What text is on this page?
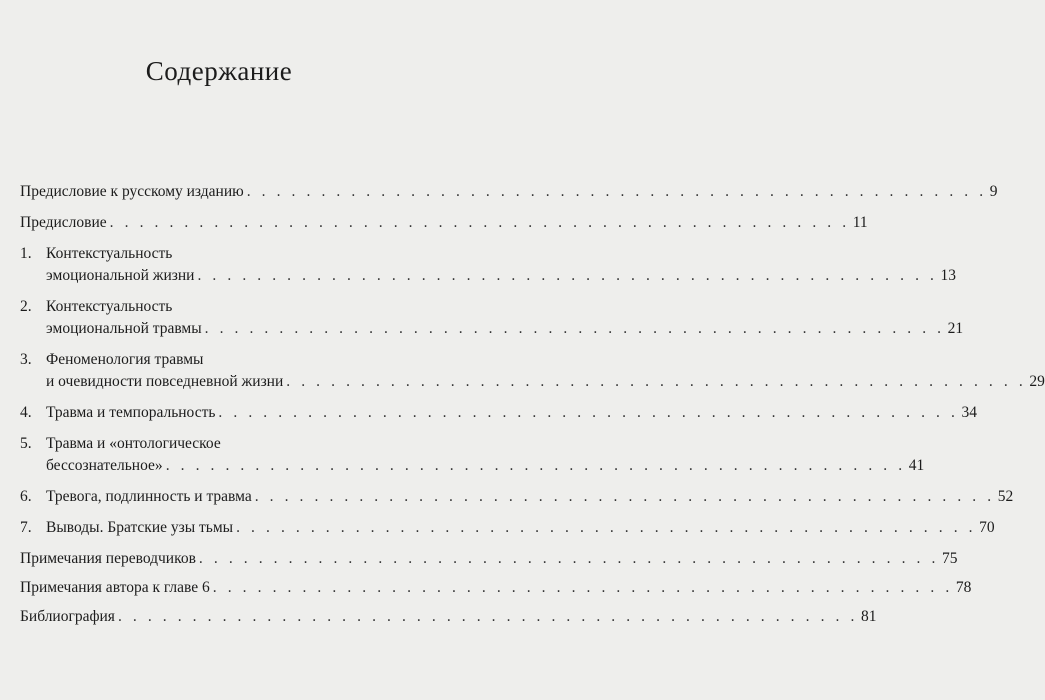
Содержание
Предисловие к русскому изданию . . . . . . . . . . . . . . . . . . . . . . . . . . . . . . . . . . . . . . . . . . . . . . . . . . 9
Предисловие . . . . . . . . . . . . . . . . . . . . . . . . . . . . . . . . . . . . . . . . . . . . . . . . . . 11
1. Контекстуальность
эмоциональной жизни . . . . . . . . . . . . . . . . . . . . . . . . . . . . . . . . . . . . . . . . . . . . . . . . . . 13
2. Контекстуальность
эмоциональной травмы . . . . . . . . . . . . . . . . . . . . . . . . . . . . . . . . . . . . . . . . . . . . . . . . . . 21
3. Феноменология травмы
и очевидности повседневной жизни . . . . . . . . . . . . . . . . . . . . . . . . . . . . . . . . . . . . . . . . . . . . . . . . . . 29
4. Травма и темпоральность . . . . . . . . . . . . . . . . . . . . . . . . . . . . . . . . . . . . . . . . . . . . . . . . . . 34
5. Травма и «онтологическое
бессознательное» . . . . . . . . . . . . . . . . . . . . . . . . . . . . . . . . . . . . . . . . . . . . . . . . . . 41
6. Тревога, подлинность и травма . . . . . . . . . . . . . . . . . . . . . . . . . . . . . . . . . . . . . . . . . . . . . . . . . . 52
7. Выводы. Братские узы тьмы . . . . . . . . . . . . . . . . . . . . . . . . . . . . . . . . . . . . . . . . . . . . . . . . . . 70
Примечания переводчиков . . . . . . . . . . . . . . . . . . . . . . . . . . . . . . . . . . . . . . . . . . . . . . . . . . 75
Примечания автора к главе 6 . . . . . . . . . . . . . . . . . . . . . . . . . . . . . . . . . . . . . . . . . . . . . . . . . . 78
Библиография . . . . . . . . . . . . . . . . . . . . . . . . . . . . . . . . . . . . . . . . . . . . . . . . . . 81
